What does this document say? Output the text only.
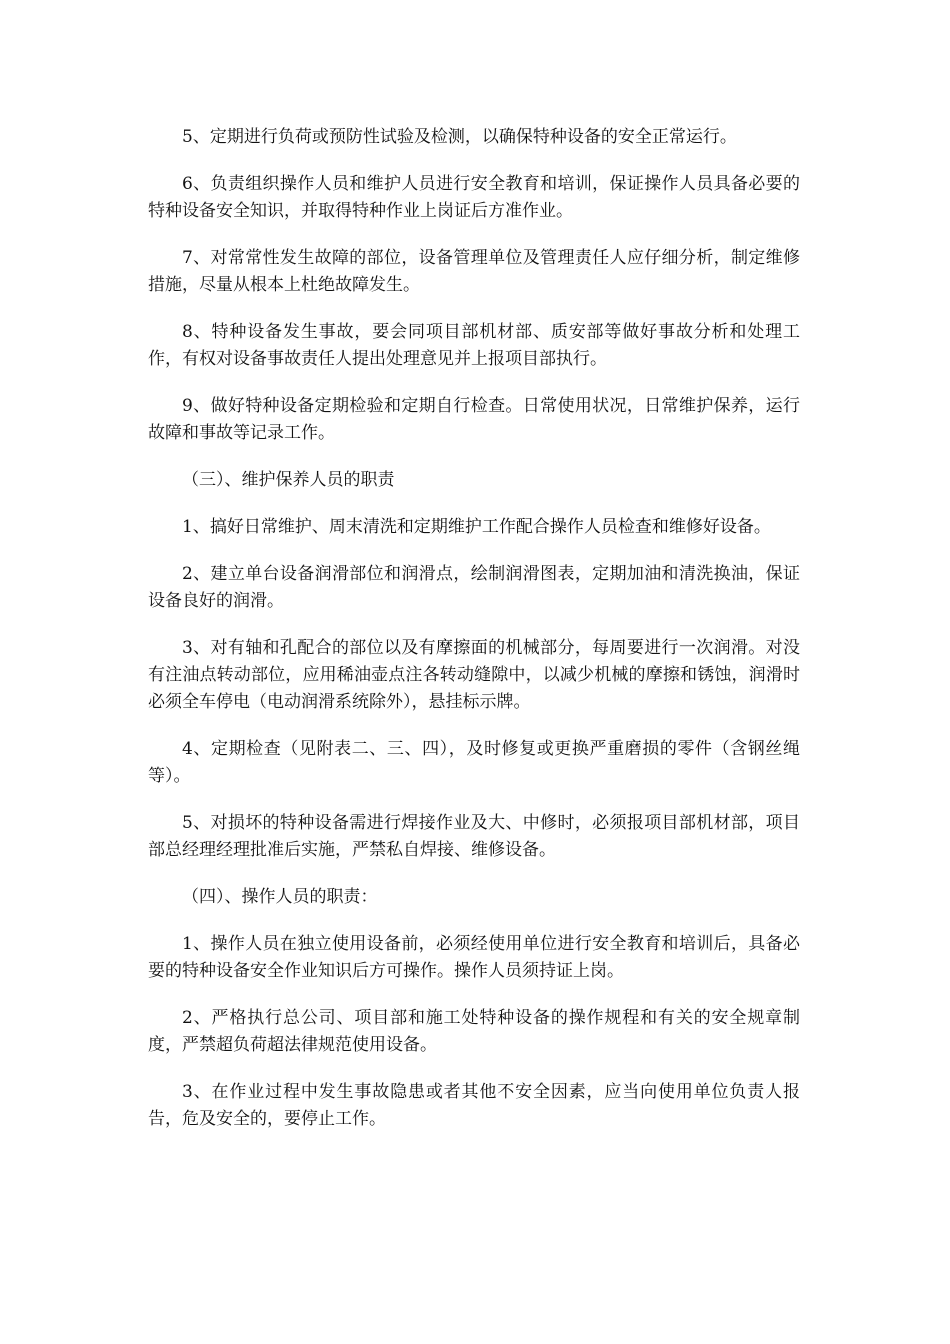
5、定期进行负荷或预防性试验及检测，以确保特种设备的安全正常运行。

6、负责组织操作人员和维护人员进行安全教育和培训，保证操作人员具备必要的特种设备安全知识，并取得特种作业上岗证后方准作业。

7、对常常性发生故障的部位，设备管理单位及管理责任人应仔细分析，制定维修措施，尽量从根本上杜绝故障发生。

8、特种设备发生事故，要会同项目部机材部、质安部等做好事故分析和处理工作，有权对设备事故责任人提出处理意见并上报项目部执行。

9、做好特种设备定期检验和定期自行检查。日常使用状况，日常维护保养，运行故障和事故等记录工作。

（三）、维护保养人员的职责

1、搞好日常维护、周末清洗和定期维护工作配合操作人员检查和维修好设备。

2、建立单台设备润滑部位和润滑点，绘制润滑图表，定期加油和清洗换油，保证设备良好的润滑。

3、对有轴和孔配合的部位以及有摩擦面的机械部分，每周要进行一次润滑。对没有注油点转动部位，应用稀油壶点注各转动缝隙中，以减少机械的摩擦和锈蚀，润滑时必须全车停电（电动润滑系统除外），悬挂标示牌。

4、定期检查（见附表二、三、四），及时修复或更换严重磨损的零件（含钢丝绳等）。

5、对损坏的特种设备需进行焊接作业及大、中修时，必须报项目部机材部，项目部总经理经理批准后实施，严禁私自焊接、维修设备。

（四）、操作人员的职责：

1、操作人员在独立使用设备前，必须经使用单位进行安全教育和培训后，具备必要的特种设备安全作业知识后方可操作。操作人员须持证上岗。

2、严格执行总公司、项目部和施工处特种设备的操作规程和有关的安全规章制度，严禁超负荷超法律规范使用设备。

3、在作业过程中发生事故隐患或者其他不安全因素，应当向使用单位负责人报告，危及安全的，要停止工作。
